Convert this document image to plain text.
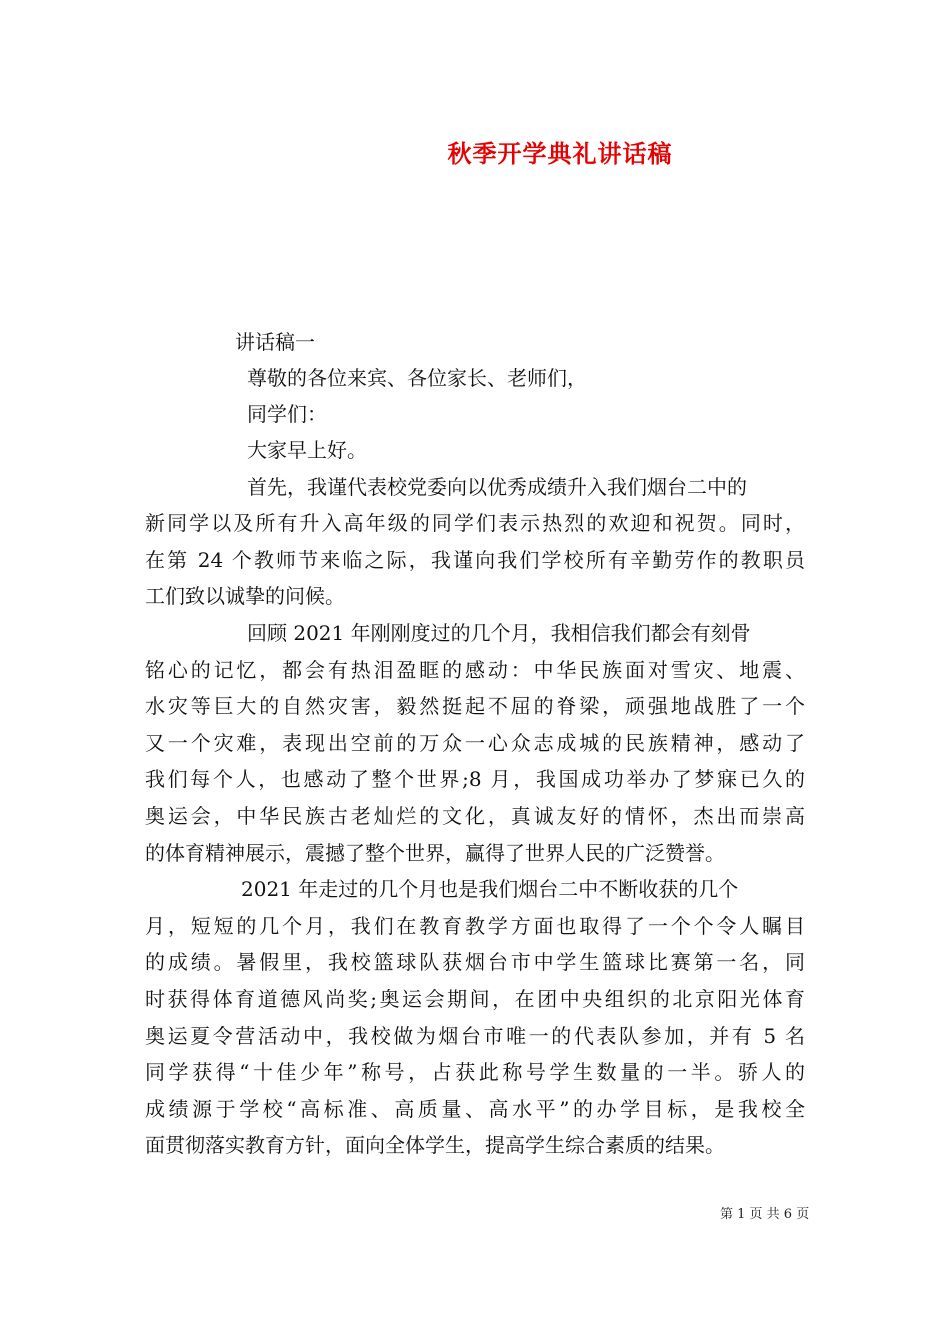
秋季开学典礼讲话稿
讲话稿一
尊敬的各位来宾、各位家长、老师们，
同学们：
大家早上好。
首先，我谨代表校党委向以优秀成绩升入我们烟台二中的
新同学以及所有升入高年级的同学们表示热烈的欢迎和祝贺。同时，
在第 24 个教师节来临之际，我谨向我们学校所有辛勤劳作的教职员
工们致以诚挚的问候。
回顾 2021 年刚刚度过的几个月，我相信我们都会有刻骨
铭心的记忆，都会有热泪盈眶的感动：中华民族面对雪灾、地震、
水灾等巨大的自然灾害，毅然挺起不屈的脊梁，顽强地战胜了一个
又一个灾难，表现出空前的万众一心众志成城的民族精神，感动了
我们每个人，也感动了整个世界;8 月，我国成功举办了梦寐已久的
奥运会，中华民族古老灿烂的文化，真诚友好的情怀，杰出而崇高
的体育精神展示，震撼了整个世界，赢得了世界人民的广泛赞誉。
2021 年走过的几个月也是我们烟台二中不断收获的几个
月，短短的几个月，我们在教育教学方面也取得了一个个令人瞩目
的成绩。暑假里，我校篮球队获烟台市中学生篮球比赛第一名，同
时获得体育道德风尚奖;奥运会期间，在团中央组织的北京阳光体育
奥运夏令营活动中，我校做为烟台市唯一的代表队参加，并有 5 名
同学获得“十佳少年”称号，占获此称号学生数量的一半。骄人的
成绩源于学校“高标准、高质量、高水平”的办学目标，是我校全
面贯彻落实教育方针，面向全体学生，提高学生综合素质的结果。
第 1 页 共 6 页
